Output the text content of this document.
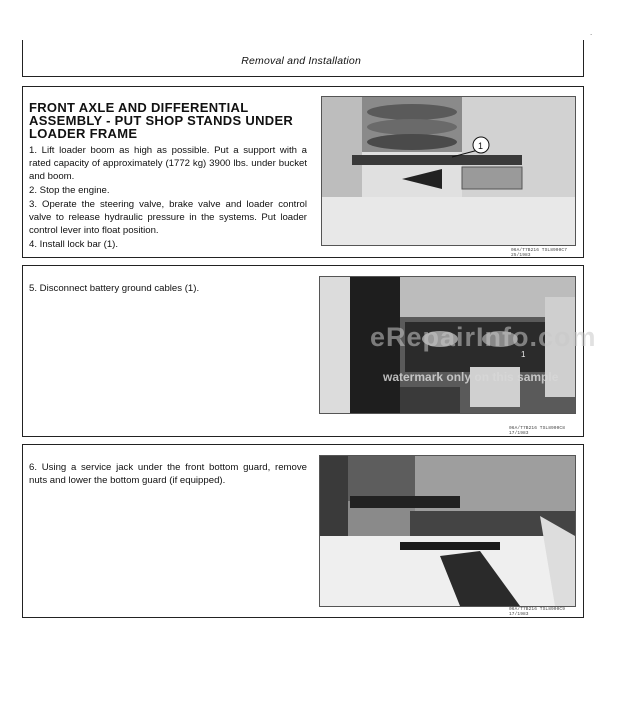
.
Removal and Installation
FRONT AXLE AND DIFFERENTIAL
ASSEMBLY - PUT SHOP STANDS UNDER
LOADER FRAME

1. Lift loader boom as high as possible. Put a support with a rated capacity of approximately (1772 kg) 3900 lbs. under bucket and boom.

2. Stop the engine.

3. Operate the steering valve, brake valve and loader control valve to release hydraulic pressure in the systems. Put loader control lever into float position.

4. Install lock bar (1).

1
06A/T7B216 TSL8900C7 25/1983

5. Disconnect battery ground cables (1).

1
06A/T7B216 TSL8900C8 17/1983

6. Using a service jack under the front bottom guard, remove nuts and lower the bottom guard (if equipped).

06A/T7B216 TSL8900C9 17/1983
eRepairInfo.com
watermark only on this sample
